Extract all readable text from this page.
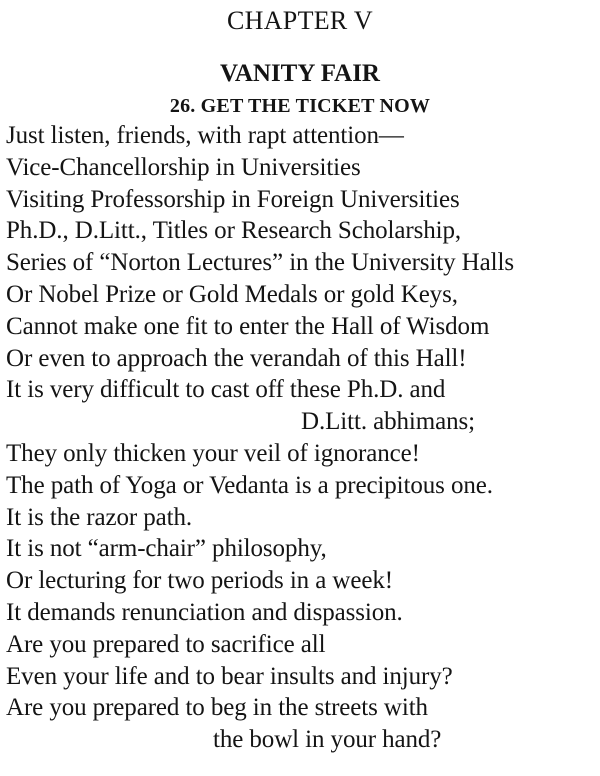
CHAPTER V
VANITY FAIR
26. GET THE TICKET NOW
Just listen, friends, with rapt attention—
Vice-Chancellorship in Universities
Visiting Professorship in Foreign Universities
Ph.D., D.Litt., Titles or Research Scholarship,
Series of “Norton Lectures” in the University Halls
Or Nobel Prize or Gold Medals or gold Keys,
Cannot make one fit to enter the Hall of Wisdom
Or even to approach the verandah of this Hall!
It is very difficult to cast off these Ph.D. and
D.Litt. abhimans;
They only thicken your veil of ignorance!
The path of Yoga or Vedanta is a precipitous one.
It is the razor path.
It is not “arm-chair” philosophy,
Or lecturing for two periods in a week!
It demands renunciation and dispassion.
Are you prepared to sacrifice all
Even your life and to bear insults and injury?
Are you prepared to beg in the streets with
the bowl in your hand?
